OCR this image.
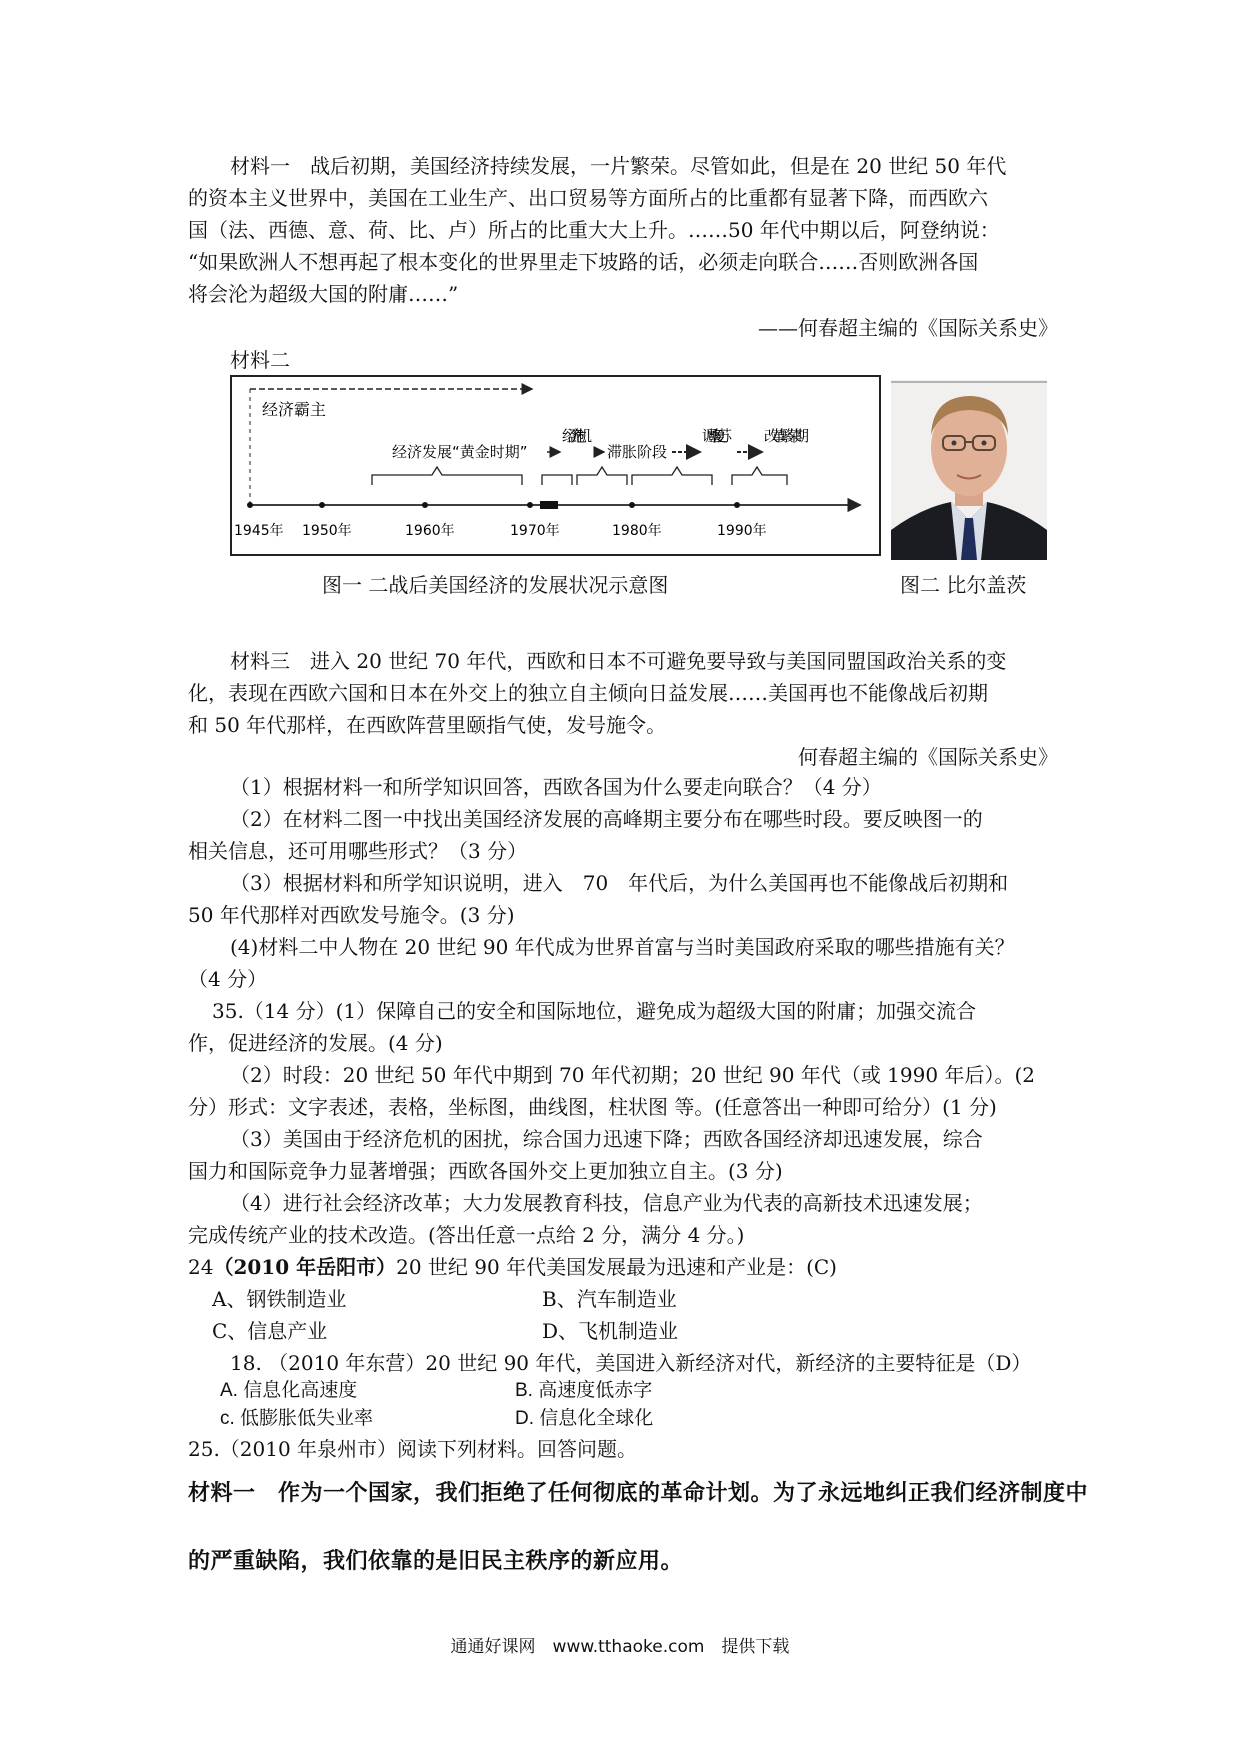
材料一　战后初期，美国经济持续发展，一片繁荣。尽管如此，但是在 20 世纪 50 年代
的资本主义世界中，美国在工业生产、出口贸易等方面所占的比重都有显著下降，而西欧六
国（法、西德、意、荷、比、卢）所占的比重大大上升。……50 年代中期以后，阿登纳说：
“如果欧洲人不想再起了根本变化的世界里走下坡路的话，必须走向联合……否则欧洲各国
将会沦为超级大国的附庸……”
——何春超主编的《国际关系史》
材料二
经济霸主
经济发展“黄金时期”
经济危机
滞胀阶段
调整复苏 改革繁荣期
1945年 1950年	1960年	1970年	1980年	1990年
图一 二战后美国经济的发展状况示意图	图二 比尔盖茨
材料三　进入 20 世纪 70 年代，西欧和日本不可避免要导致与美国同盟国政治关系的变
化，表现在西欧六国和日本在外交上的独立自主倾向日益发展……美国再也不能像战后初期
和 50 年代那样，在西欧阵营里颐指气使，发号施令。
何春超主编的《国际关系史》
（1）根据材料一和所学知识回答，西欧各国为什么要走向联合？（4 分）
（2）在材料二图一中找出美国经济发展的高峰期主要分布在哪些时段。要反映图一的
相关信息，还可用哪些形式？（3 分）
（3）根据材料和所学知识说明，进入　70　年代后，为什么美国再也不能像战后初期和
50 年代那样对西欧发号施令。(3 分)
(4)材料二中人物在 20 世纪 90 年代成为世界首富与当时美国政府采取的哪些措施有关？
（4 分）
35.（14 分）(1）保障自己的安全和国际地位，避免成为超级大国的附庸；加强交流合
作，促进经济的发展。(4 分)
（2）时段：20 世纪 50 年代中期到 70 年代初期；20 世纪 90 年代（或 1990 年后）。(2
分）形式：文字表述，表格，坐标图，曲线图，柱状图 等。(任意答出一种即可给分）(1 分)
（3）美国由于经济危机的困扰，综合国力迅速下降；西欧各国经济却迅速发展，综合
国力和国际竞争力显著增强；西欧各国外交上更加独立自主。(3 分)
（4）进行社会经济改革；大力发展教育科技，信息产业为代表的高新技术迅速发展；
完成传统产业的技术改造。(答出任意一点给 2 分，满分 4 分。)
24（2010 年岳阳市）20 世纪 90 年代美国发展最为迅速和产业是：(C)
A、钢铁制造业	B、汽车制造业
C、信息产业	D、飞机制造业
18. （2010 年东营）20 世纪 90 年代，美国进入新经济对代，新经济的主要特征是（D）
A. 信息化高速度	B. 高速度低赤字
c. 低膨胀低失业率	D. 信息化全球化
25.（2010 年泉州市）阅读下列材料。回答问题。
材料一　作为一个国家，我们拒绝了任何彻底的革命计划。为了永远地纠正我们经济制度中
的严重缺陷，我们依靠的是旧民主秩序的新应用。
通通好课网　www.tthaoke.com　提供下载
